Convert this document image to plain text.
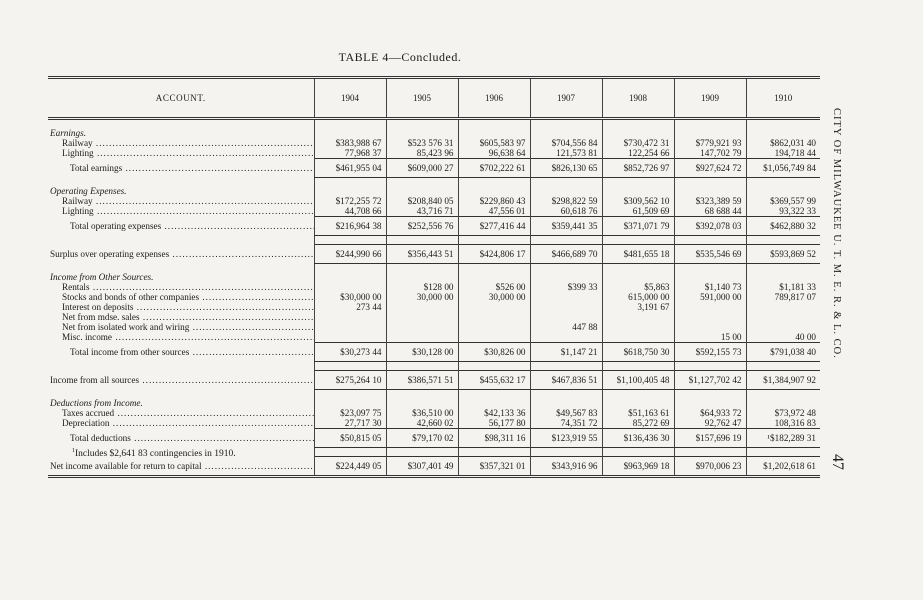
TABLE 4—Concluded.
ACCOUNT.	1904	1905	1906	1907	1908	1909	1910

Earnings.							
Railway .....	$383,988 67	$523 576 31	$605,583 97	$704,556 84	$730,472 31	$779,921 93	$862,031 40
Lighting .....	77,968 37	85,423 96	96,638 64	121,573 81	122,254 66	147,702 79	194,718 44
Total earnings .....	$461,955 04	$609,000 27	$702,222 61	$826,130 65	$852,726 97	$927,624 72	$1,056,749 84

Operating Expenses.							
Railway .....	$172,255 72	$208,840 05	$229,860 43	$298,822 59	$309,562 10	$323,389 59	$369,557 99
Lighting .....	44,708 66	43,716 71	47,556 01	60,618 76	61,509 69	68 688 44	93,322 33
Total operating expenses .....	$216,964 38	$252,556 76	$277,416 44	$359,441 35	$371,071 79	$392,078 03	$462,880 32

Surplus over operating expenses .....	$244,990 66	$356,443 51	$424,806 17	$466,689 70	$481,655 18	$535,546 69	$593,869 52

Income from Other Sources.							
Rentals .....		$128 00	$526 00	$399 33	$5,863	$1,140 73	$1,181 33
Stocks and bonds of other companies .....	$30,000 00	30,000 00	30,000 00		615,000 00	591,000 00	789,817 07
Interest on deposits .....	273 44				3,191 67		
Net from mdse. sales .....							
Net from isolated work and wiring .....				447 88			
Misc. income .....						15 00	40 00
Total income from other sources .....	$30,273 44	$30,128 00	$30,826 00	$1,147 21	$618,750 30	$592,155 73	$791,038 40

Income from all sources .....	$275,264 10	$386,571 51	$455,632 17	$467,836 51	$1,100,405 48	$1,127,702 42	$1,384,907 92

Deductions from Income.							
Taxes accrued .....	$23,097 75	$36,510 00	$42,133 36	$49,567 83	$51,163 61	$64,933 72	$73,972 48
Depreciation .....	27,717 30	42,660 02	56,177 80	74,351 72	85,272 69	92,762 47	108,316 83
Total deductions .....	$50,815 05	$79,170 02	$98,311 16	$123,919 55	$136,436 30	$157,696 19	¹$182,289 31

Net income available for return to capital .....	$224,449 05	$307,401 49	$357,321 01	$343,916 96	$963,969 18	$970,006 23	$1,202,618 61
CITY OF MILWAUKEE U. T. M. E. R. & L. CO.
47
$^1$Includes $2,641 83 contingencies in 1910.
